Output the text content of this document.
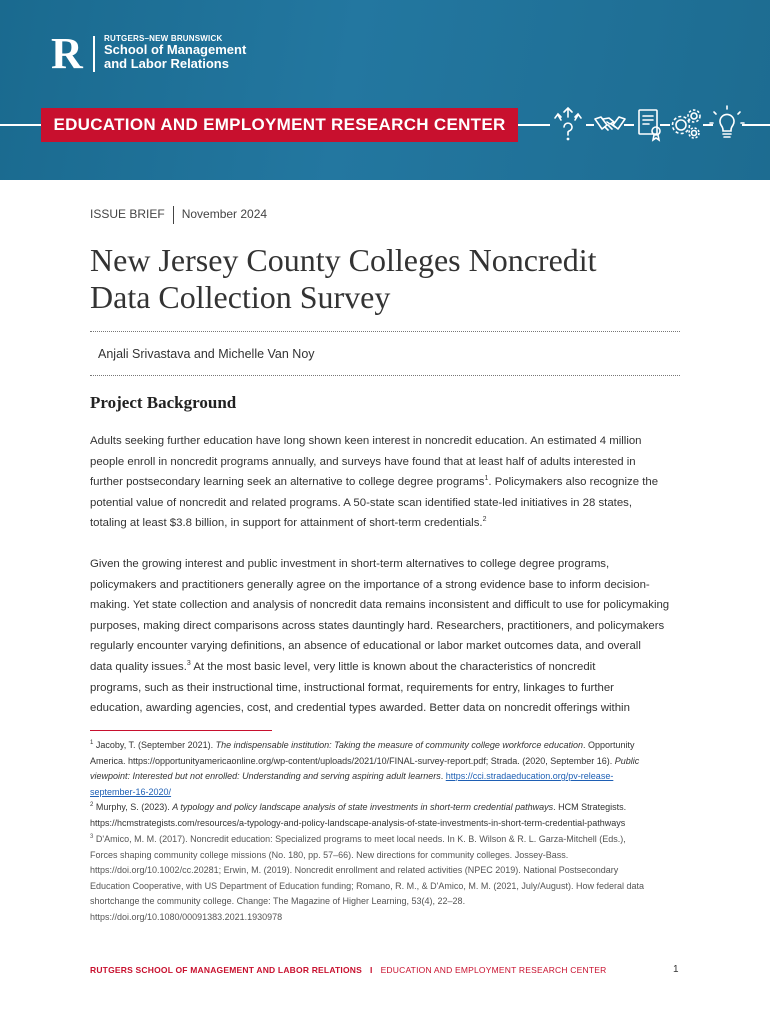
R	RUTGERS–NEW BRUNSWICK
School of Management
and Labor Relations
EDUCATION AND EMPLOYMENT RESEARCH CENTER
ISSUE BRIEF November 2024
New Jersey County Colleges Noncredit
Data Collection Survey
Anjali Srivastava and Michelle Van Noy
Project Background
Adults seeking further education have long shown keen interest in noncredit education. An estimated 4 million
people enroll in noncredit programs annually, and surveys have found that at least half of adults interested in
further postsecondary learning seek an alternative to college degree programs$^1$. Policymakers also recognize the
potential value of noncredit and related programs. A 50-state scan identified state-led initiatives in 28 states,
totaling at least $3.8 billion, in support for attainment of short-term credentials.$^2$
Given the growing interest and public investment in short-term alternatives to college degree programs,
policymakers and practitioners generally agree on the importance of a strong evidence base to inform decision-
making. Yet state collection and analysis of noncredit data remains inconsistent and difficult to use for policymaking
purposes, making direct comparisons across states dauntingly hard. Researchers, practitioners, and policymakers
regularly encounter varying definitions, an absence of educational or labor market outcomes data, and overall
data quality issues.$^3$ At the most basic level, very little is known about the characteristics of noncredit
programs, such as their instructional time, instructional format, requirements for entry, linkages to further
education, awarding agencies, cost, and credential types awarded. Better data on noncredit offerings within
$^1$ Jacoby, T. (September 2021). The indispensable institution: Taking the measure of community college workforce education. Opportunity
America. https://opportunityamericaonline.org/wp-content/uploads/2021/10/FINAL-survey-report.pdf; Strada. (2020, September 16). Public
viewpoint: Interested but not enrolled: Understanding and serving aspiring adult learners. https://cci.stradaeducation.org/pv-release-
september-16-2020/
$^2$ Murphy, S. (2023). A typology and policy landscape analysis of state investments in short-term credential pathways. HCM Strategists.
https://hcmstrategists.com/resources/a-typology-and-policy-landscape-analysis-of-state-investments-in-short-term-credential-pathways
$^3$ D'Amico, M. M. (2017). Noncredit education: Specialized programs to meet local needs. In K. B. Wilson & R. L. Garza-Mitchell (Eds.),
Forces shaping community college missions (No. 180, pp. 57–66). New directions for community colleges. Jossey-Bass.
https://doi.org/10.1002/cc.20281; Erwin, M. (2019). Noncredit enrollment and related activities (NPEC 2019). National Postsecondary
Education Cooperative, with US Department of Education funding; Romano, R. M., & D'Amico, M. M. (2021, July/August). How federal data
shortchange the community college. Change: The Magazine of Higher Learning, 53(4), 22–28.
https://doi.org/10.1080/00091383.2021.1930978
RUTGERS SCHOOL OF MANAGEMENT AND LABOR RELATIONS I EDUCATION AND EMPLOYMENT RESEARCH CENTER	1
